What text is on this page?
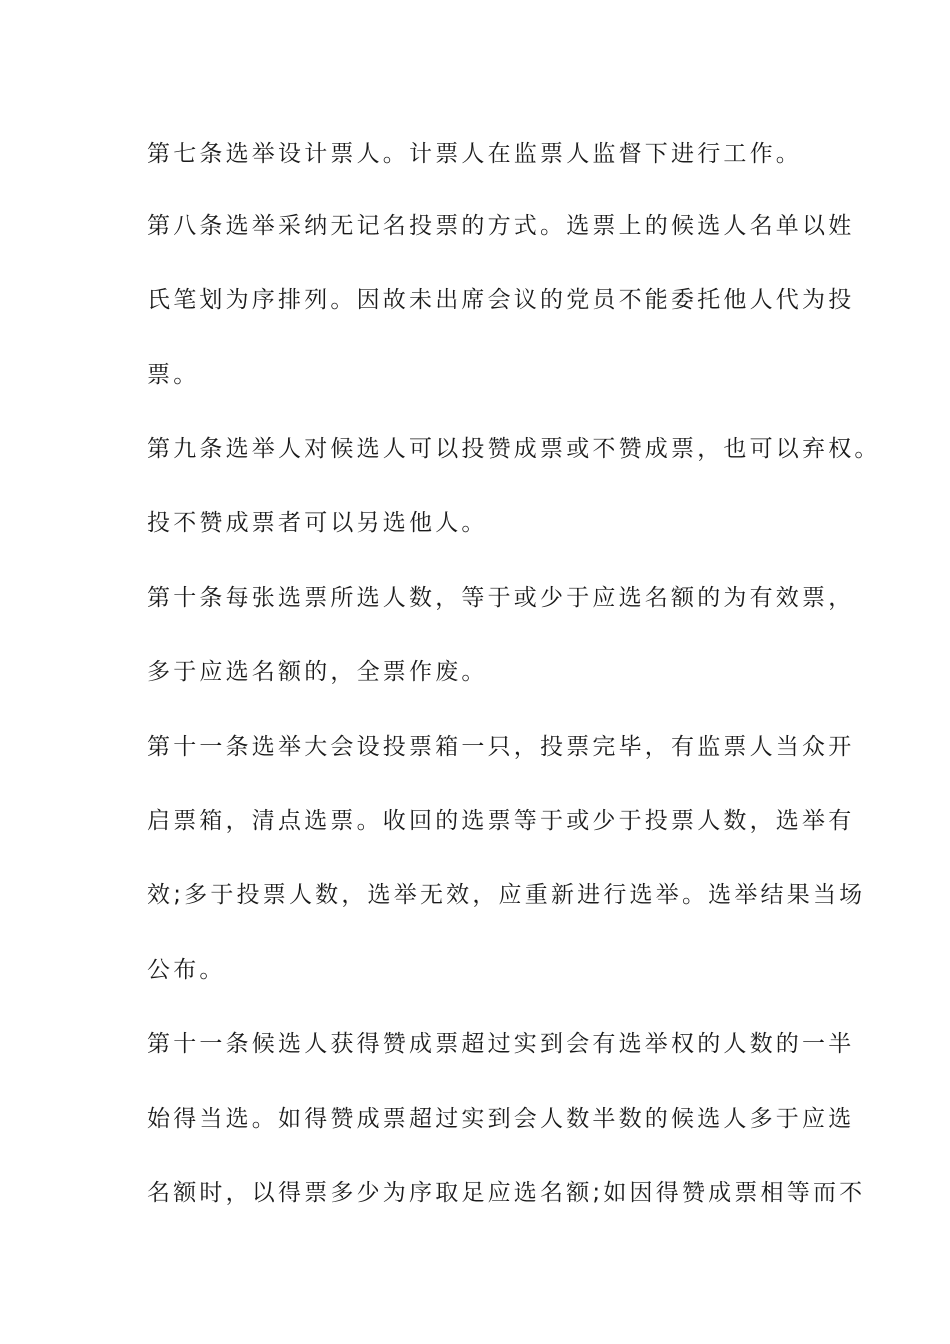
第七条选举设计票人。计票人在监票人监督下进行工作。
第八条选举采纳无记名投票的方式。选票上的候选人名单以姓
氏笔划为序排列。因故未出席会议的党员不能委托他人代为投
票。
第九条选举人对候选人可以投赞成票或不赞成票，也可以弃权。
投不赞成票者可以另选他人。
第十条每张选票所选人数，等于或少于应选名额的为有效票，
多于应选名额的，全票作废。
第十一条选举大会设投票箱一只，投票完毕，有监票人当众开
启票箱，清点选票。收回的选票等于或少于投票人数，选举有
效;多于投票人数，选举无效，应重新进行选举。选举结果当场
公布。
第十一条候选人获得赞成票超过实到会有选举权的人数的一半
始得当选。如得赞成票超过实到会人数半数的候选人多于应选
名额时，以得票多少为序取足应选名额;如因得赞成票相等而不
